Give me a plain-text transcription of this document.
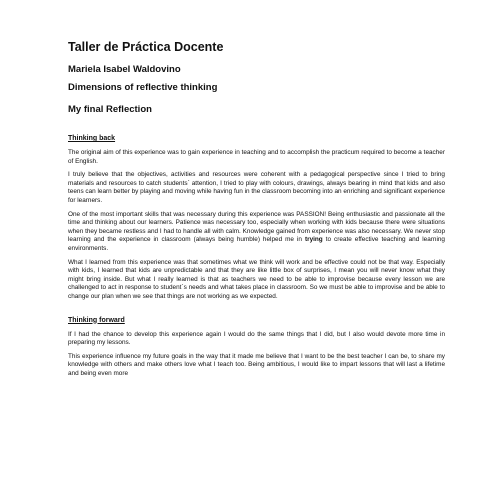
Taller de Práctica Docente
Mariela Isabel Waldovino
Dimensions of reflective thinking
My final Reflection
Thinking back

The original aim of this experience was to gain experience in teaching and to accomplish the practicum required to become a teacher of English.

I truly believe that the objectives, activities and resources were coherent with a pedagogical perspective since I tried to bring materials and resources to catch students` attention, I tried to play with colours, drawings, always bearing in mind that kids and also teens can learn better by playing and moving while having fun in the classroom becoming into an enriching and significant experience for learners.

One of the most important skills that was necessary during this experience was PASSION! Being enthusiastic and passionate all the time and thinking about our learners. Patience was necessary too, especially when working with kids because there were situations when they became restless and I had to handle all with calm. Knowledge gained from experience was also necessary. We never stop learning and the experience in classroom (always being humble) helped me in trying to create effective teaching and learning environments.

What I learned from this experience was that sometimes what we think will work and be effective could not be that way. Especially with kids, I learned that kids are unpredictable and that they are like little box of surprises, I mean you will never know what they might bring inside. But what I really learned is that as teachers we need to be able to improvise because every lesson we are challenged to act in response to student`s needs and what takes place in classroom. So we must be able to improvise and be able to change our plan when we see that things are not working as we expected.

Thinking forward

If I had the chance to develop this experience again I would do the same things that I did, but I also would devote more time in preparing my lessons.

This experience influence my future goals in the way that it made me believe that I want to be the best teacher I can be, to share my knowledge with others and make others love what I teach too. Being ambitious, I would like to impart lessons that will last a lifetime and being even more
